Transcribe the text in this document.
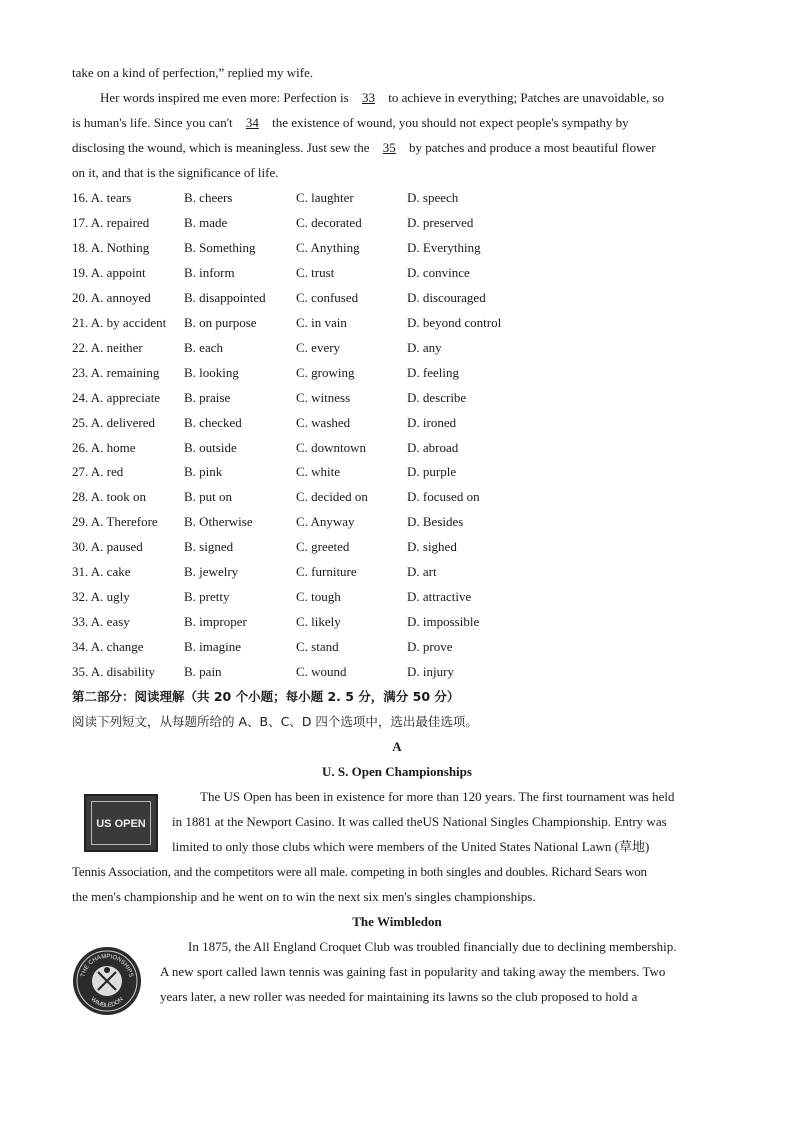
take on a kind of perfection,” replied my wife.
Her words inspired me even more: Perfection is 33 to achieve in everything; Patches are unavoidable, so
is human's life. Since you can't 34 the existence of wound, you should not expect people's sympathy by
disclosing the wound, which is meaningless. Just sew the 35 by patches and produce a most beautiful flower
on it, and that is the significance of life.
16. A. tears	B. cheers	C. laughter	D. speech
17. A. repaired	B. made	C. decorated	D. preserved
18. A. Nothing	B. Something	C. Anything	D. Everything
19. A. appoint	B. inform	C. trust	D. convince
20. A. annoyed	B. disappointed C. confused	D. discouraged
21. A. by accident B. on purpose	C. in vain	D. beyond control
22. A. neither	B. each	C. every	D. any
23. A. remaining B. looking	C. growing	D. feeling
24. A. appreciate B. praise	C. witness	D. describe
25. A. delivered B. checked	C. washed	D. ironed
26. A. home	B. outside	C. downtown	D. abroad
27. A. red	B. pink	C. white	D. purple
28. A. took on	B. put on	C. decided on	D. focused on
29. A. Therefore B. Otherwise	C. Anyway	D. Besides
30. A. paused	B. signed	C. greeted	D. sighed
31. A. cake	B. jewelry	C. furniture	D. art
32. A. ugly	B. pretty	C. tough	D. attractive
33. A. easy	B. improper	C. likely	D. impossible
34. A. change	B. imagine	C. stand	D. prove
35. A. disability B. pain	C. wound	D. injury
第二部分：阅读理解（共 20 个小题；每小题 2. 5 分，满分 50 分）
阅读下列短文，从每题所给的 A、B、C、D 四个选项中，选出最佳选项。
A
U. S. Open Championships
US OPEN
The US Open has been in existence for more than 120 years. The first tournament was held
in 1881 at the Newport Casino. It was called theUS National Singles Championship. Entry was
limited to only those clubs which were members of the United States National Lawn (草地)
Tennis Association, and the competitors were all male. competing in both singles and doubles. Richard Sears won
the men's championship and he went on to win the next six men's singles championships.
The Wimbledon
THE CHAMPIONSHIPS
WIMBLEDON
In 1875, the All England Croquet Club was troubled financially due to declining membership.
A new sport called lawn tennis was gaining fast in popularity and taking away the members. Two
years later, a new roller was needed for maintaining its lawns so the club proposed to hold a
